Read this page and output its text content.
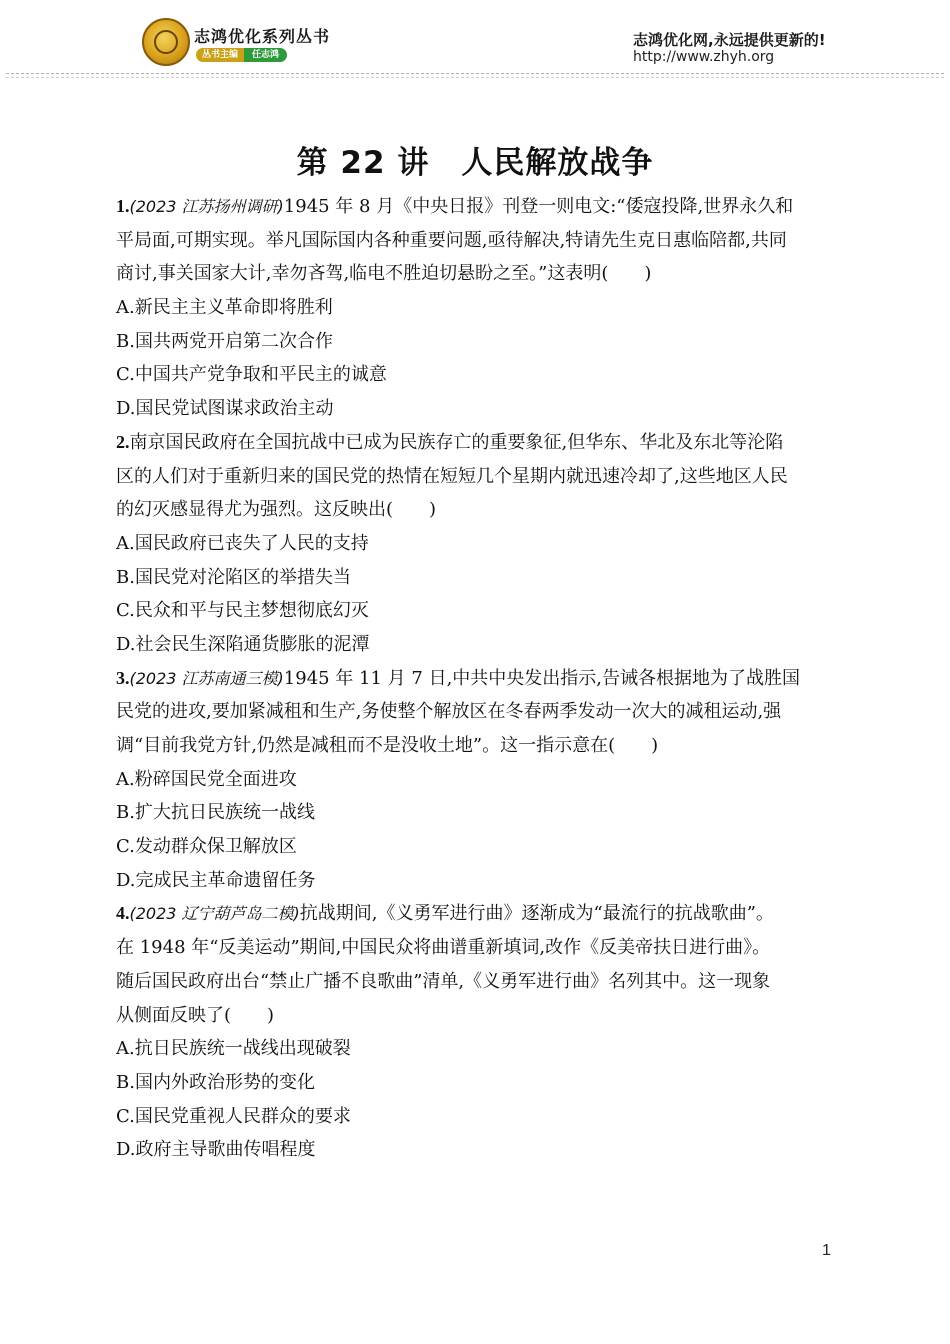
志鸿优化系列丛书
丛书主编	任志鸿
志鸿优化网,永远提供更新的!
http://www.zhyh.org
第 22 讲　人民解放战争
1.(2023 江苏扬州调研)1945 年 8 月《中央日报》刊登一则电文:“倭寇投降,世界永久和
平局面,可期实现。举凡国际国内各种重要问题,亟待解决,特请先生克日惠临陪都,共同
商讨,事关国家大计,幸勿吝驾,临电不胜迫切悬盼之至。”这表明(　　)
A.新民主主义革命即将胜利
B.国共两党开启第二次合作
C.中国共产党争取和平民主的诚意
D.国民党试图谋求政治主动
2.南京国民政府在全国抗战中已成为民族存亡的重要象征,但华东、华北及东北等沦陷
区的人们对于重新归来的国民党的热情在短短几个星期内就迅速冷却了,这些地区人民
的幻灭感显得尤为强烈。这反映出(　　)
A.国民政府已丧失了人民的支持
B.国民党对沦陷区的举措失当
C.民众和平与民主梦想彻底幻灭
D.社会民生深陷通货膨胀的泥潭
3.(2023 江苏南通三模)1945 年 11 月 7 日,中共中央发出指示,告诫各根据地为了战胜国
民党的进攻,要加紧减租和生产,务使整个解放区在冬春两季发动一次大的减租运动,强
调“目前我党方针,仍然是减租而不是没收土地”。这一指示意在(　　)
A.粉碎国民党全面进攻
B.扩大抗日民族统一战线
C.发动群众保卫解放区
D.完成民主革命遗留任务
4.(2023 辽宁葫芦岛二模)抗战期间,《义勇军进行曲》逐渐成为“最流行的抗战歌曲”。
在 1948 年“反美运动”期间,中国民众将曲谱重新填词,改作《反美帝扶日进行曲》。
随后国民政府出台“禁止广播不良歌曲”清单,《义勇军进行曲》名列其中。这一现象
从侧面反映了(　　)
A.抗日民族统一战线出现破裂
B.国内外政治形势的变化
C.国民党重视人民群众的要求
D.政府主导歌曲传唱程度
1
